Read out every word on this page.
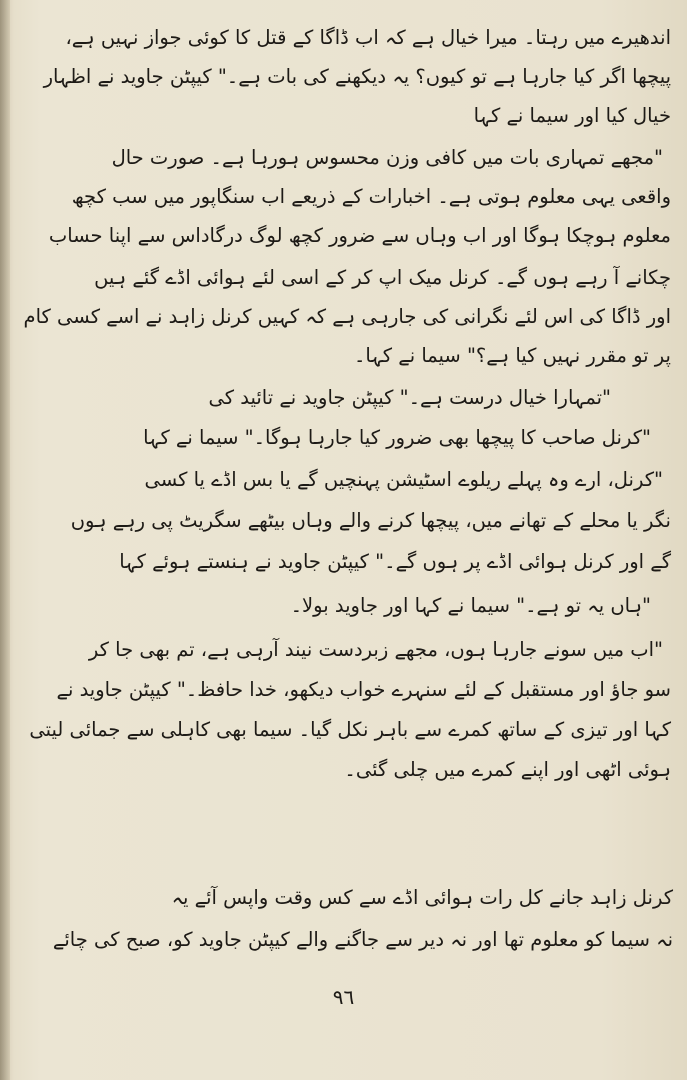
اندھیرے میں رہتا۔ میرا خیال ہے کہ اب ڈاگا کے قتل کا کوئی جواز نہیں ہے،
پیچھا اگر کیا جارہا ہے تو کیوں؟ یہ دیکھنے کی بات ہے۔" کیپٹن جاوید نے اظہار
خیال کیا اور سیما نے کہا
"مجھے تمہاری بات میں کافی وزن محسوس ہورہا ہے۔ صورت حال
واقعی یہی معلوم ہوتی ہے۔ اخبارات کے ذریعے اب سنگاپور میں سب کچھ
معلوم ہوچکا ہوگا اور اب وہاں سے ضرور کچھ لوگ درگاداس سے اپنا حساب
چکانے آ رہے ہوں گے۔ کرنل میک اپ کر کے اسی لئے ہوائی اڈے گئے ہیں
اور ڈاگا کی اس لئے نگرانی کی جارہی ہے کہ کہیں کرنل زاہد نے اسے کسی کام
پر تو مقرر نہیں کیا ہے؟" سیما نے کہا۔
"تمہارا خیال درست ہے۔" کیپٹن جاوید نے تائید کی
"کرنل صاحب کا پیچھا بھی ضرور کیا جارہا ہوگا۔" سیما نے کہا
"کرنل، ارے وہ پہلے ریلوے اسٹیشن پہنچیں گے یا بس اڈے یا کسی
نگر یا محلے کے تھانے میں، پیچھا کرنے والے وہاں بیٹھے سگریٹ پی رہے ہوں
گے اور کرنل ہوائی اڈے پر ہوں گے۔" کیپٹن جاوید نے ہنستے ہوئے کہا
"ہاں یہ تو ہے۔" سیما نے کہا اور جاوید بولا۔
"اب میں سونے جارہا ہوں، مجھے زبردست نیند آرہی ہے، تم بھی جا کر
سو جاؤ اور مستقبل کے لئے سنہرے خواب دیکھو، خدا حافظ۔" کیپٹن جاوید نے
کہا اور تیزی کے ساتھ کمرے سے باہر نکل گیا۔ سیما بھی کاہلی سے جمائی لیتی
ہوئی اٹھی اور اپنے کمرے میں چلی گئی۔
کرنل زاہد جانے کل رات ہوائی اڈے سے کس وقت واپس آئے یہ
نہ سیما کو معلوم تھا اور نہ دیر سے جاگنے والے کیپٹن جاوید کو، صبح کی چائے
٩٦
